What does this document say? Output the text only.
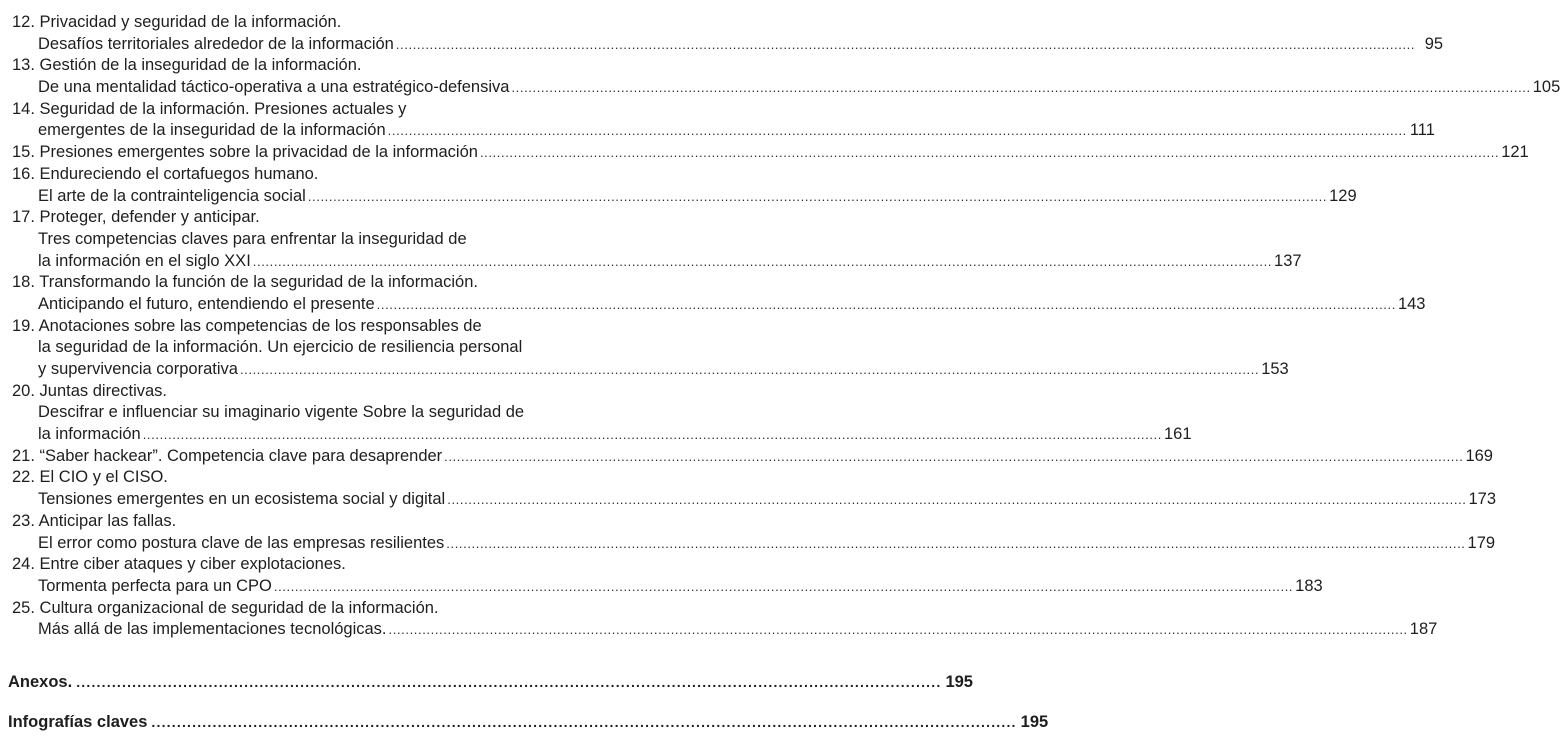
12. Privacidad y seguridad de la información.
Desafíos territoriales alrededor de la información .....	95
13. Gestión de la inseguridad de la información.
De una mentalidad táctico-operativa a una estratégico-defensiva .....	105
14. Seguridad de la información. Presiones actuales y
emergentes de la inseguridad de la información .....	111
15. Presiones emergentes sobre la privacidad de la información .....	121
16. Endureciendo el cortafuegos humano.
El arte de la contrainteligencia social .....	129
17. Proteger, defender y anticipar.
Tres competencias claves para enfrentar la inseguridad de
la información en el siglo XXI .....	137
18. Transformando la función de la seguridad de la información.
Anticipando el futuro, entendiendo el presente .....	143
19. Anotaciones sobre las competencias de los responsables de
la seguridad de la información. Un ejercicio de resiliencia personal
y supervivencia corporativa .....	153
20. Juntas directivas.
Descifrar e influenciar su imaginario vigente Sobre la seguridad de
la información .....	161
21. “Saber hackear”. Competencia clave para desaprender .....	169
22. El CIO y el CISO.
Tensiones emergentes en un ecosistema social y digital .....	173
23. Anticipar las fallas.
El error como postura clave de las empresas resilientes .....	179
24. Entre ciber ataques y ciber explotaciones.
Tormenta perfecta para un CPO .....	183
25. Cultura organizacional de seguridad de la información.
Más allá de las implementaciones tecnológicas. .....	187
Anexos. .....	195
Infografías claves .....	195
